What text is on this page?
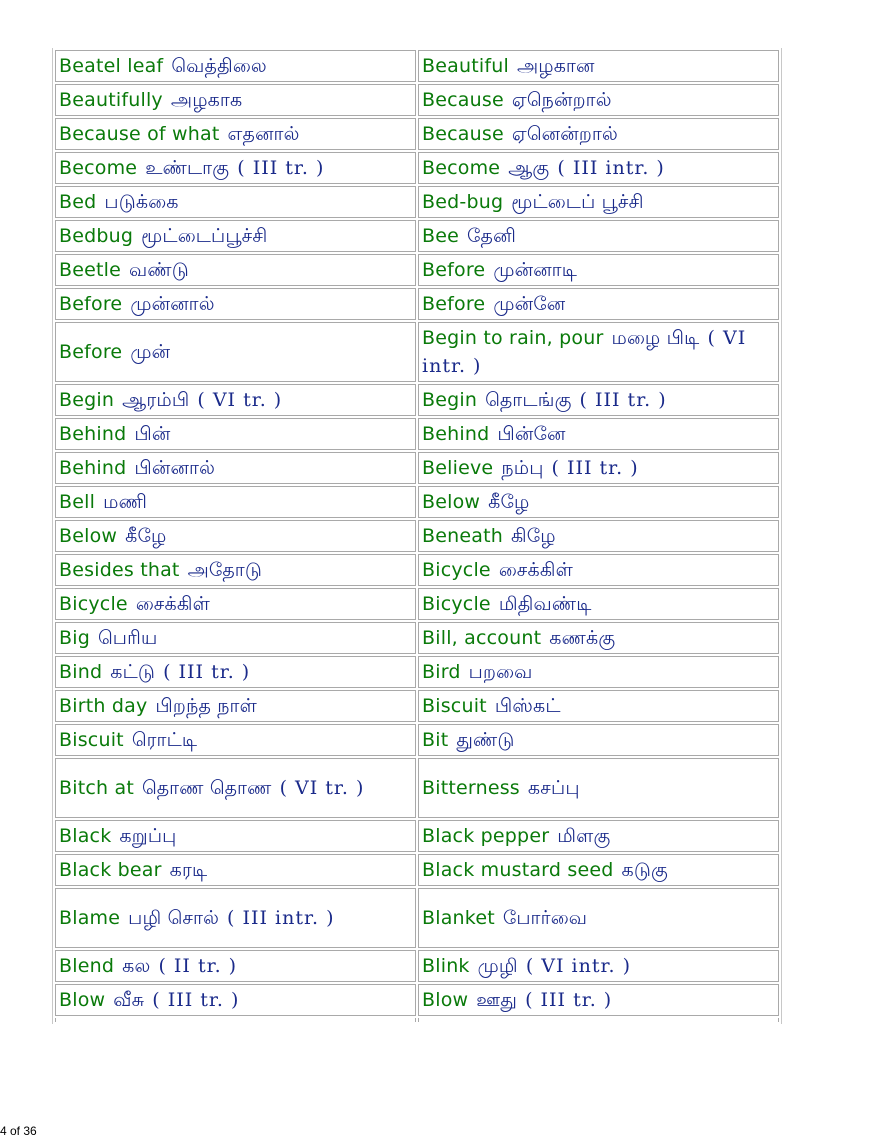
Beatel leaf வெத்திலை	Beautiful அழகான
Beautifully அழகாக	Because ஏநென்றால்
Because of what எதனால்	Because ஏனென்றால்
Become உண்டாகு ( III tr. )	Become ஆகு ( III intr. )
Bed படுக்கை	Bed-bug மூட்டைப் பூச்சி
Bedbug மூட்டைப்பூச்சி	Bee தேனி
Beetle வண்டு	Before முன்னாடி
Before முன்னால்	Before முன்னே
Before முன்	Begin to rain, pour மழை பிடி ( VI intr. )
Begin ஆரம்பி ( VI tr. )	Begin தொடங்கு ( III tr. )
Behind பின்	Behind பின்னே
Behind பின்னால்	Believe நம்பு ( III tr. )
Bell மணி	Below கீழே
Below கீழே	Beneath கிழே
Besides that அதோடு	Bicycle சைக்கிள்
Bicycle சைக்கிள்	Bicycle மிதிவண்டி
Big பெரிய	Bill, account கணக்கு
Bind கட்டு ( III tr. )	Bird பறவை
Birth day பிறந்த நாள்	Biscuit பிஸ்கட்
Biscuit ரொட்டி	Bit துண்டு
Bitch at தொண தொண ( VI tr. )	Bitterness கசப்பு
Black கறுப்பு	Black pepper மிளகு
Black bear கரடி	Black mustard seed கடுகு
Blame பழி சொல் ( III intr. )	Blanket போர்வை
Blend கல ( II tr. )	Blink முழி ( VI intr. )
Blow வீசு ( III tr. )	Blow ஊது ( III tr. )

4 of 36
